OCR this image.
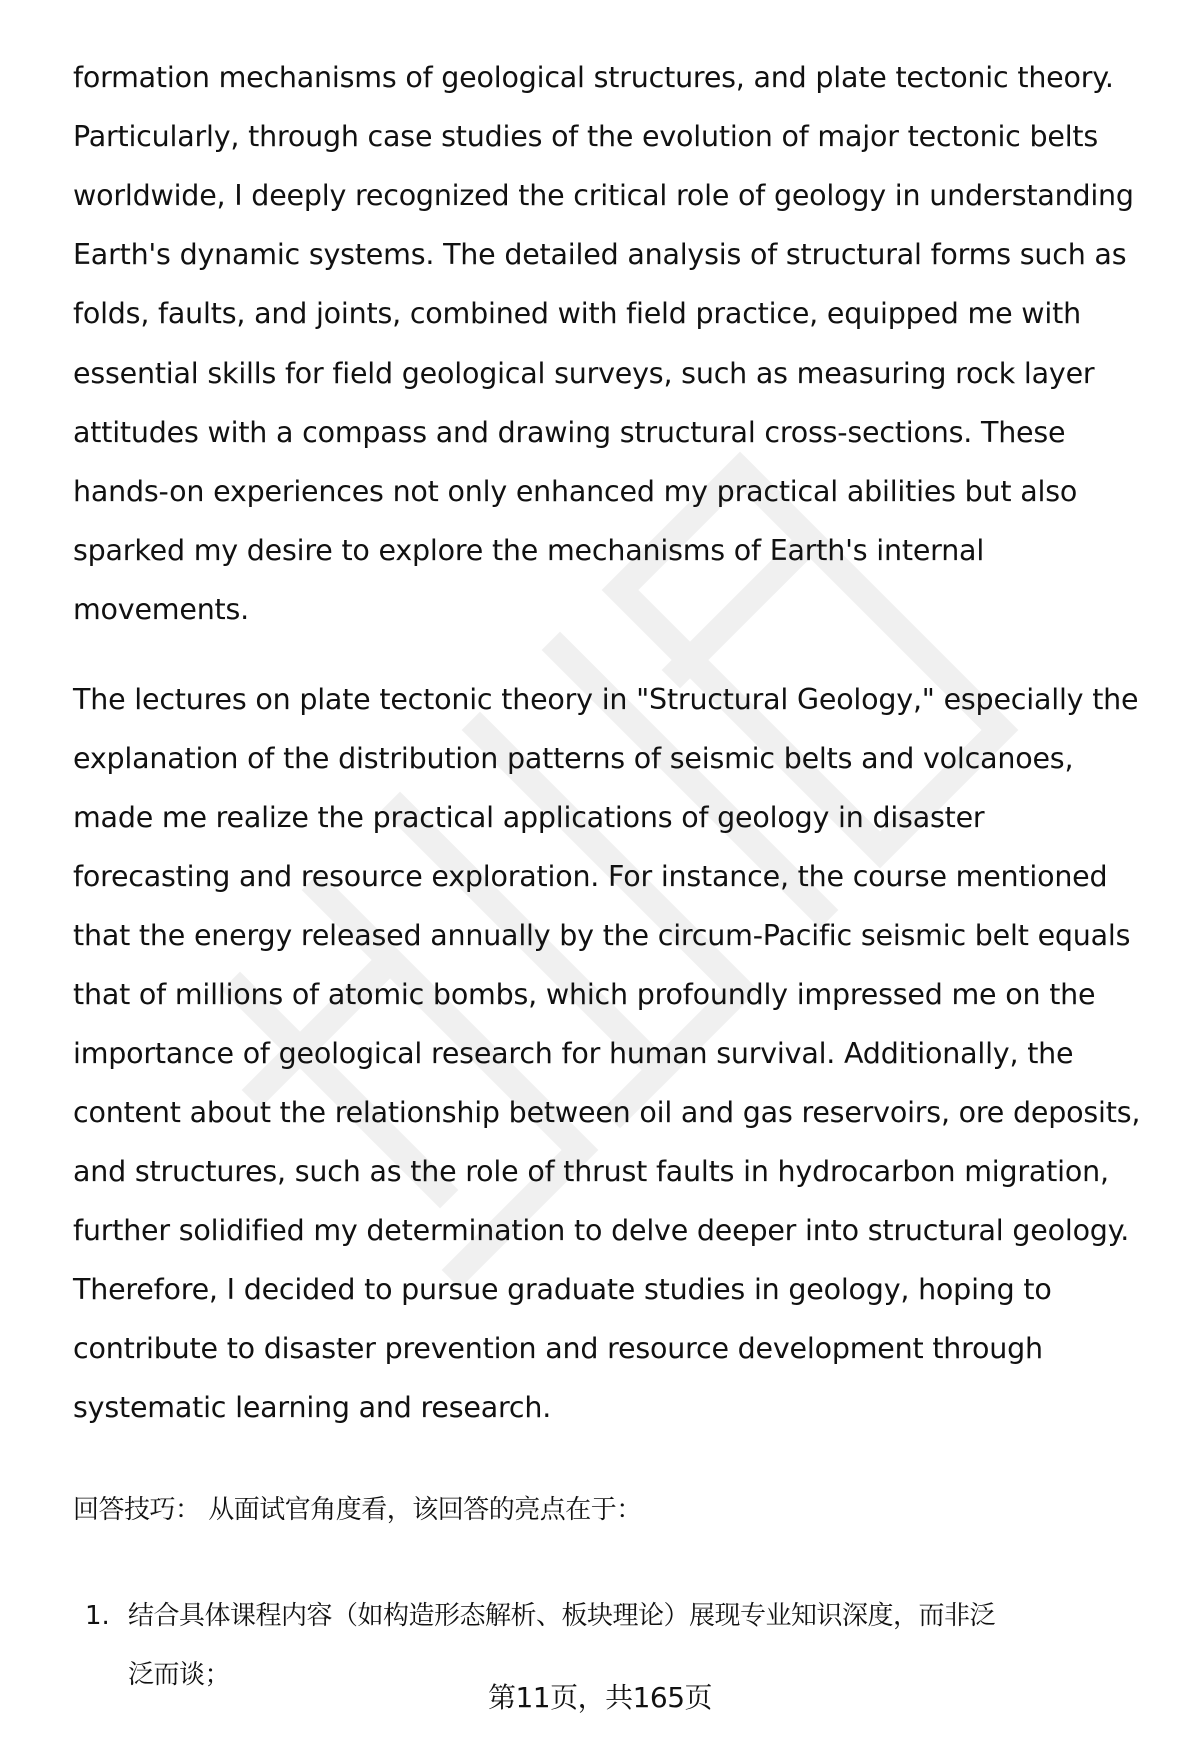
formation mechanisms of geological structures, and plate tectonic theory.
Particularly, through case studies of the evolution of major tectonic belts
worldwide, I deeply recognized the critical role of geology in understanding
Earth's dynamic systems. The detailed analysis of structural forms such as
folds, faults, and joints, combined with field practice, equipped me with
essential skills for field geological surveys, such as measuring rock layer
attitudes with a compass and drawing structural cross-sections. These
hands-on experiences not only enhanced my practical abilities but also
sparked my desire to explore the mechanisms of Earth's internal
movements.
The lectures on plate tectonic theory in "Structural Geology," especially the
explanation of the distribution patterns of seismic belts and volcanoes,
made me realize the practical applications of geology in disaster
forecasting and resource exploration. For instance, the course mentioned
that the energy released annually by the circum-Pacific seismic belt equals
that of millions of atomic bombs, which profoundly impressed me on the
importance of geological research for human survival. Additionally, the
content about the relationship between oil and gas reservoirs, ore deposits,
and structures, such as the role of thrust faults in hydrocarbon migration,
further solidified my determination to delve deeper into structural geology.
Therefore, I decided to pursue graduate studies in geology, hoping to
contribute to disaster prevention and resource development through
systematic learning and research.
回答技巧： 从面试官角度看，该回答的亮点在于：
1. 结合具体课程内容（如构造形态解析、板块理论）展现专业知识深度，而非泛
泛而谈；
第11页，共165页
